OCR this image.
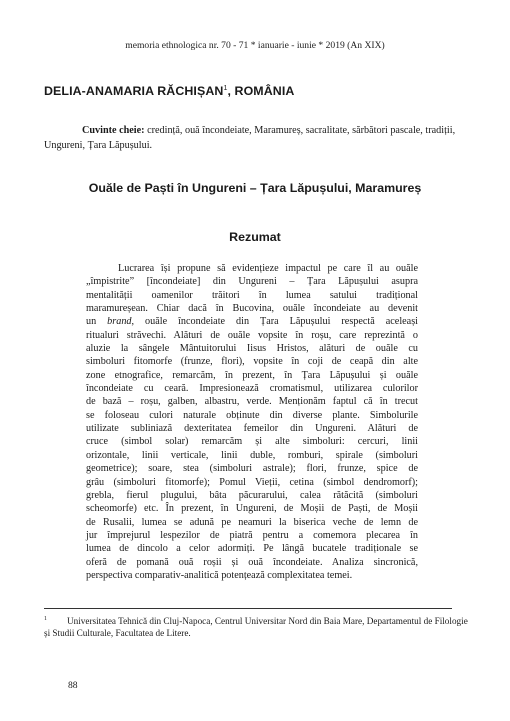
memoria ethnologica nr. 70 - 71 * ianuarie - iunie * 2019 (An XIX)
DELIA-ANAMARIA RĂCHIȘAN$^1$, ROMÂNIA
Cuvinte cheie: credință, ouă încondeiate, Maramureș, sacralitate, sărbători pascale, tradiții, Ungureni, Țara Lăpușului.
Ouăle de Paști în Ungureni – Țara Lăpușului, Maramureș
Rezumat
Lucrarea își propune să evidențieze impactul pe care îl au ouăle
„împistrite” [încondeiate] din Ungureni – Țara Lăpușului asupra
mentalității oamenilor trăitori în lumea satului tradițional
maramureșean. Chiar dacă în Bucovina, ouăle încondeiate au devenit
un brand, ouăle încondeiate din Țara Lăpușului respectă aceleași
ritualuri străvechi. Alături de ouăle vopsite în roșu, care reprezintă o
aluzie la sângele Mântuitorului Iisus Hristos, alături de ouăle cu
simboluri fitomorfe (frunze, flori), vopsite în coji de ceapă din alte
zone etnografice, remarcăm, în prezent, în Țara Lăpușului și ouăle
încondeiate cu ceară. Impresionează cromatismul, utilizarea culorilor
de bază – roșu, galben, albastru, verde. Menționăm faptul că în trecut
se foloseau culori naturale obținute din diverse plante. Simbolurile
utilizate subliniază dexteritatea femeilor din Ungureni. Alături de
cruce (simbol solar) remarcăm și alte simboluri: cercuri, linii
orizontale, linii verticale, linii duble, romburi, spirale (simboluri
geometrice); soare, stea (simboluri astrale); flori, frunze, spice de
grâu (simboluri fitomorfe); Pomul Vieții, cetina (simbol dendromorf);
grebla, fierul plugului, bâta păcurarului, calea rătăcită (simboluri
scheomorfe) etc. În prezent, în Ungureni, de Moșii de Paști, de Moșii
de Rusalii, lumea se adună pe neamuri la biserica veche de lemn de
jur împrejurul lespezilor de piatră pentru a comemora plecarea în
lumea de dincolo a celor adormiți. Pe lângă bucatele tradiționale se
oferă de pomană ouă roșii și ouă încondeiate. Analiza sincronică,
perspectiva comparativ-analitică potențează complexitatea temei.
$^1$ Universitatea Tehnică din Cluj-Napoca, Centrul Universitar Nord din Baia Mare, Departamentul de Filologie și Studii Culturale, Facultatea de Litere.
88
